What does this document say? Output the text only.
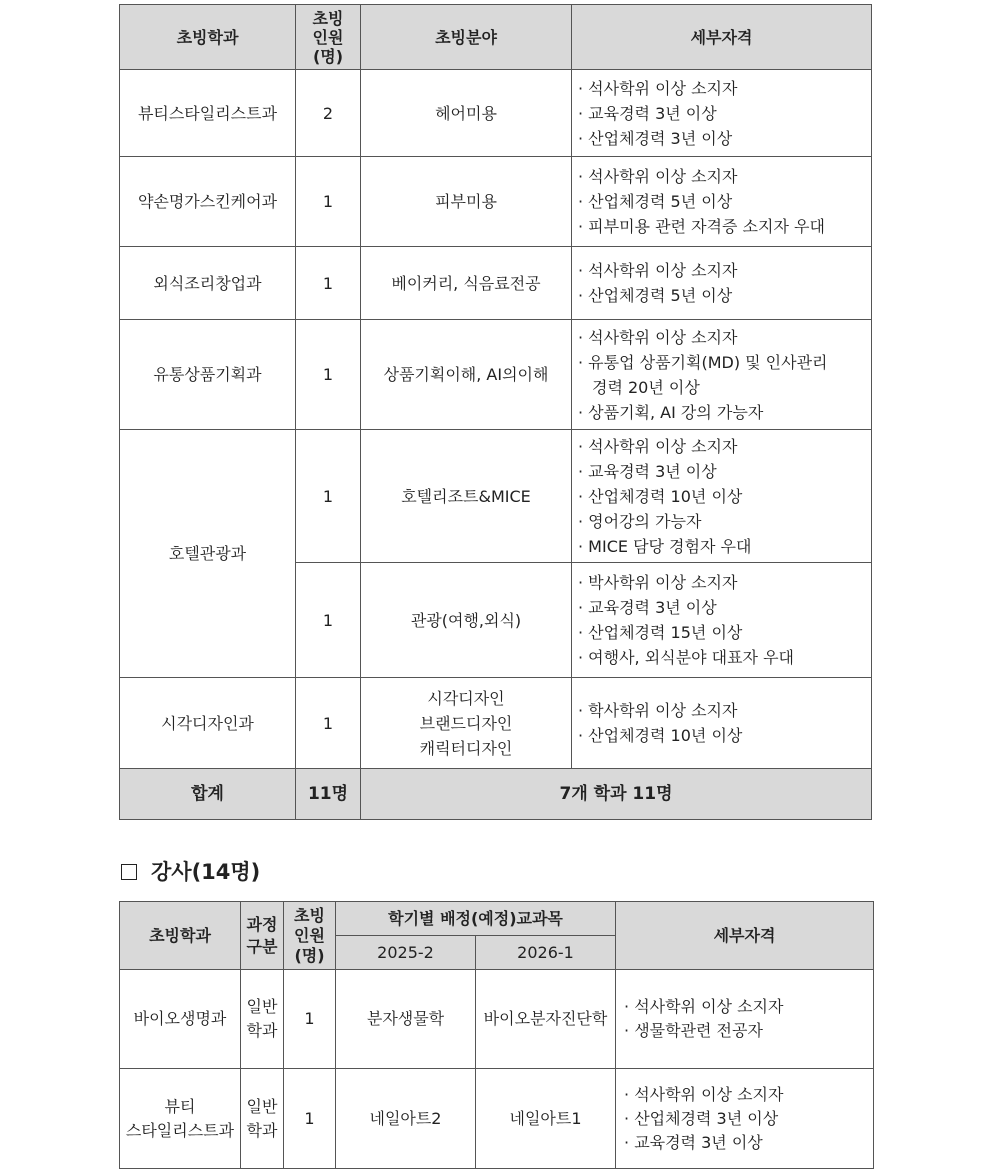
초빙학과	초빙
인원
(명)	초빙분야	세부자격
뷰티스타일리스트과	2	헤어미용	· 석사학위 이상 소지자
· 교육경력 3년 이상
· 산업체경력 3년 이상

약손명가스킨케어과	1	피부미용	· 석사학위 이상 소지자
· 산업체경력 5년 이상
· 피부미용 관련 자격증 소지자 우대

외식조리창업과	1	베이커리, 식음료전공	· 석사학위 이상 소지자
· 산업체경력 5년 이상

유통상품기획과	1	상품기획이해, AI의이해	· 석사학위 이상 소지자
· 유통업 상품기획(MD) 및 인사관리
경력 20년 이상
· 상품기획, AI 강의 가능자

호텔관광과	1	호텔리조트&MICE	· 석사학위 이상 소지자
· 교육경력 3년 이상
· 산업체경력 10년 이상
· 영어강의 가능자
· MICE 담당 경험자 우대

	1	관광(여행,외식)	· 박사학위 이상 소지자
· 교육경력 3년 이상
· 산업체경력 15년 이상
· 여행사, 외식분야 대표자 우대

시각디자인과	1	시각디자인
브랜드디자인
캐릭터디자인	· 학사학위 이상 소지자
· 산업체경력 10년 이상

합계	11명	7개 학과 11명	
강사(14명)
초빙학과	과정
구분	초빙
인원
(명)	학기별 배정(예정)교과목		세부자격
			2025-2	2026-1	
바이오생명과	일반
학과	1	분자생물학	바이오분자진단학	· 석사학위 이상 소지자
· 생물학관련 전공자

뷰티
스타일리스트과	일반
학과	1	네일아트2	네일아트1	· 석사학위 이상 소지자
· 산업체경력 3년 이상
· 교육경력 3년 이상
